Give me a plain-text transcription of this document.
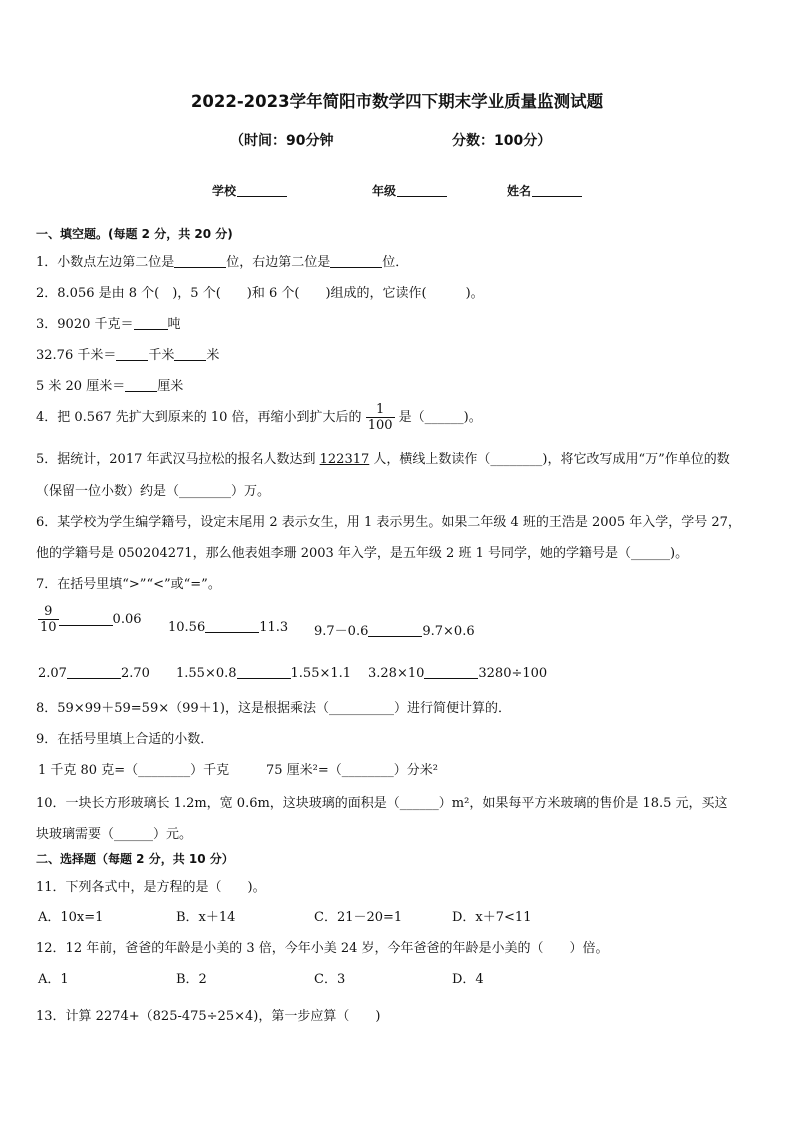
2022-2023学年简阳市数学四下期末学业质量监测试题
（时间：90分钟	分数：100分）
学校	年级	姓名
一、填空题。(每题 2 分，共 20 分)
1．小数点左边第二位是	位，右边第二位是	位．
2．8.056 是由 8 个(　)，5 个(　　)和 6 个(　　)组成的，它读作(　　　)。
3．9020 千克＝	吨
32.76 千米＝ 千米 米
5 米 20 厘米＝ 厘米
4．把 0.567 先扩大到原来的 10 倍，再缩小到扩大后的 $\frac{1}{100}$ 是（______)。
5．据统计，2017 年武汉马拉松的报名人数达到 122317 人，横线上数读作（________)，将它改写成用“万”作单位的数
（保留一位小数）约是（________）万。
6．某学校为学生编学籍号，设定末尾用 2 表示女生，用 1 表示男生。如果二年级 4 班的王浩是 2005 年入学，学号 27，
他的学籍号是 050204271，那么他表姐李珊 2003 年入学，是五年级 2 班 1 号同学，她的学籍号是（______)。
7．在括号里填“>”“<”或“=”。
$\frac{9}{10}$	0.06
10.56	11.3 9.7－0.6	9.7×0.6
2.07	2.70 1.55×0.8	1.55×1.1 3.28×10	3280÷100
8．59×99＋59=59×（99＋1)，这是根据乘法（__________）进行简便计算的．
9．在括号里填上合适的小数．
1 千克 80 克=（________）千克	75 厘米²=（________）分米²
10．一块长方形玻璃长 1.2m，宽 0.6m，这块玻璃的面积是（______）m²，如果每平方米玻璃的售价是 18.5 元，买这
块玻璃需要（______）元。
二、选择题（每题 2 分，共 10 分）
11．下列各式中，是方程的是（　　)。
A．10x=1	B．x＋14	C．21－20=1	D．x＋7<11
12．12 年前，爸爸的年龄是小美的 3 倍，今年小美 24 岁，今年爸爸的年龄是小美的（　　）倍。
A．1	B．2	C．3	D．4
13．计算 2274+（825-475÷25×4)，第一步应算（　　)
